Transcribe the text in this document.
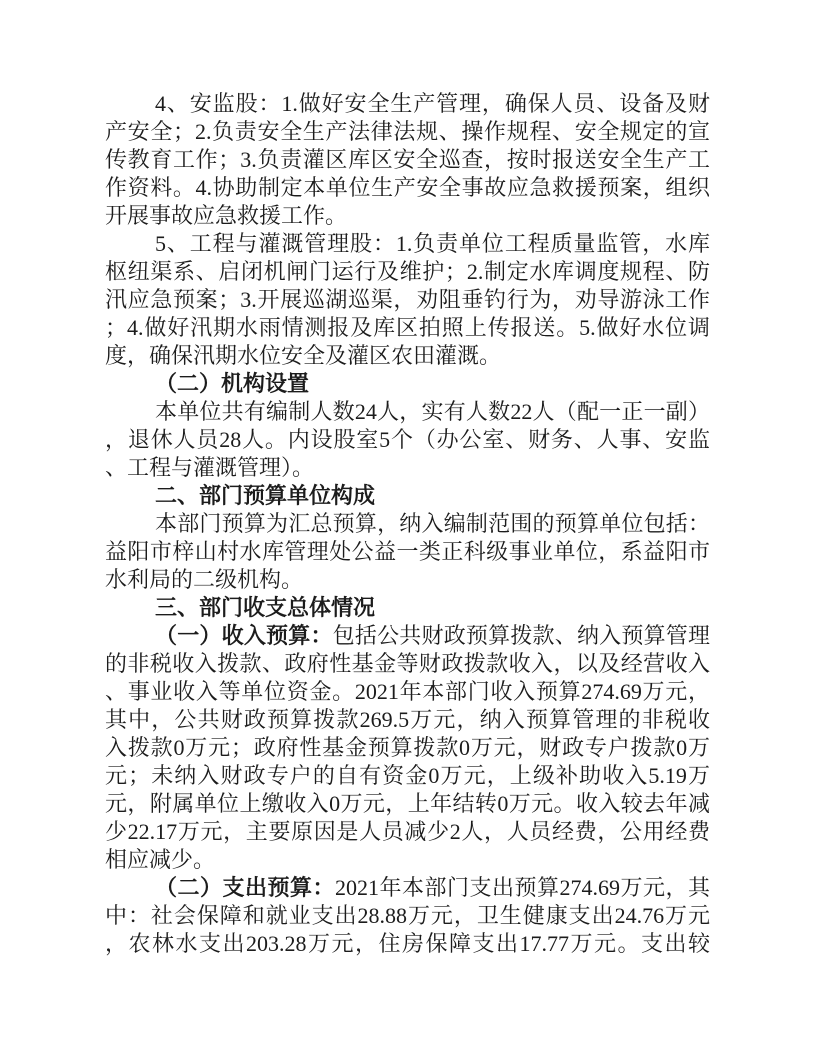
4、安监股：1.做好安全生产管理，确保人员、设备及财
产安全；2.负责安全生产法律法规、操作规程、安全规定的宣
传教育工作；3.负责灌区库区安全巡查，按时报送安全生产工
作资料。4.协助制定本单位生产安全事故应急救援预案，组织
开展事故应急救援工作。
5、工程与灌溉管理股：1.负责单位工程质量监管，水库
枢纽渠系、启闭机闸门运行及维护；2.制定水库调度规程、防
汛应急预案；3.开展巡湖巡渠，劝阻垂钓行为，劝导游泳工作
；4.做好汛期水雨情测报及库区拍照上传报送。5.做好水位调
度，确保汛期水位安全及灌区农田灌溉。
（二）机构设置
本单位共有编制人数24人，实有人数22人（配一正一副）
，退休人员28人。内设股室5个（办公室、财务、人事、安监
、工程与灌溉管理）。
二、部门预算单位构成
本部门预算为汇总预算，纳入编制范围的预算单位包括：
益阳市梓山村水库管理处公益一类正科级事业单位，系益阳市
水利局的二级机构。
三、部门收支总体情况
（一）收入预算：包括公共财政预算拨款、纳入预算管理
的非税收入拨款、政府性基金等财政拨款收入，以及经营收入
、事业收入等单位资金。2021年本部门收入预算274.69万元，
其中，公共财政预算拨款269.5万元，纳入预算管理的非税收
入拨款0万元；政府性基金预算拨款0万元，财政专户拨款0万
元；未纳入财政专户的自有资金0万元，上级补助收入5.19万
元，附属单位上缴收入0万元，上年结转0万元。收入较去年减
少22.17万元，主要原因是人员减少2人，人员经费，公用经费
相应减少。
（二）支出预算：2021年本部门支出预算274.69万元，其
中：社会保障和就业支出28.88万元，卫生健康支出24.76万元
，农林水支出203.28万元，住房保障支出17.77万元。支出较
